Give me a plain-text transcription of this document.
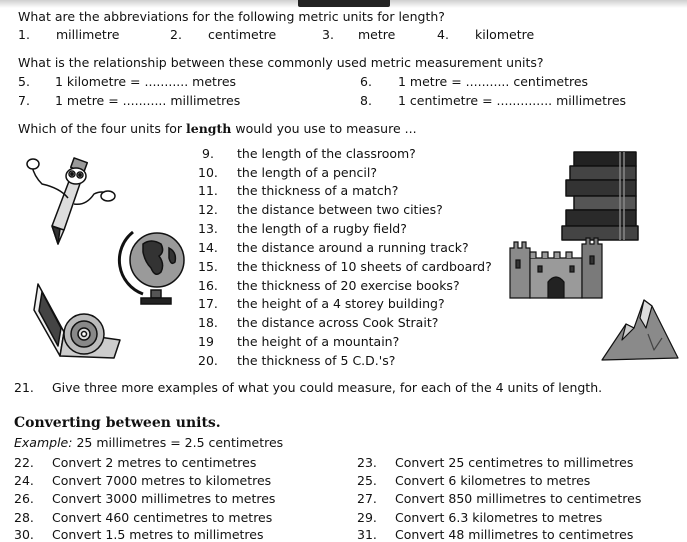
What are the abbreviations for the following metric units for length?
1. millimetre	2. centimetre	3. metre	4. kilometre
What is the relationship between these commonly used metric measurement units?
5. 1 kilometre = ........... metres	6. 1 metre = ........... centimetres
7. 1 metre = ........... millimetres	8. 1 centimetre = .............. millimetres
Which of the four units for length would you use to measure ...
9. the length of the classroom?
10. the length of a pencil?
11. the thickness of a match?
12. the distance between two cities?
13. the length of a rugby field?
14. the distance around a running track?
15. the thickness of 10 sheets of cardboard?
16. the thickness of 20 exercise books?
17. the height of a 4 storey building?
18. the distance across Cook Strait?
19 the height of a mountain?
20. the thickness of 5 C.D.'s?
21. Give three more examples of what you could measure, for each of the 4 units of length.
Converting between units.
Example: 25 millimetres = 2.5 centimetres
22. Convert 2 metres to centimetres	23. Convert 25 centimetres to millimetres
24. Convert 7000 metres to kilometres	25. Convert 6 kilometres to metres
26. Convert 3000 millimetres to metres	27. Convert 850 millimetres to centimetres
28. Convert 460 centimetres to metres	29. Convert 6.3 kilometres to metres
30. Convert 1.5 metres to millimetres	31. Convert 48 millimetres to centimetres
